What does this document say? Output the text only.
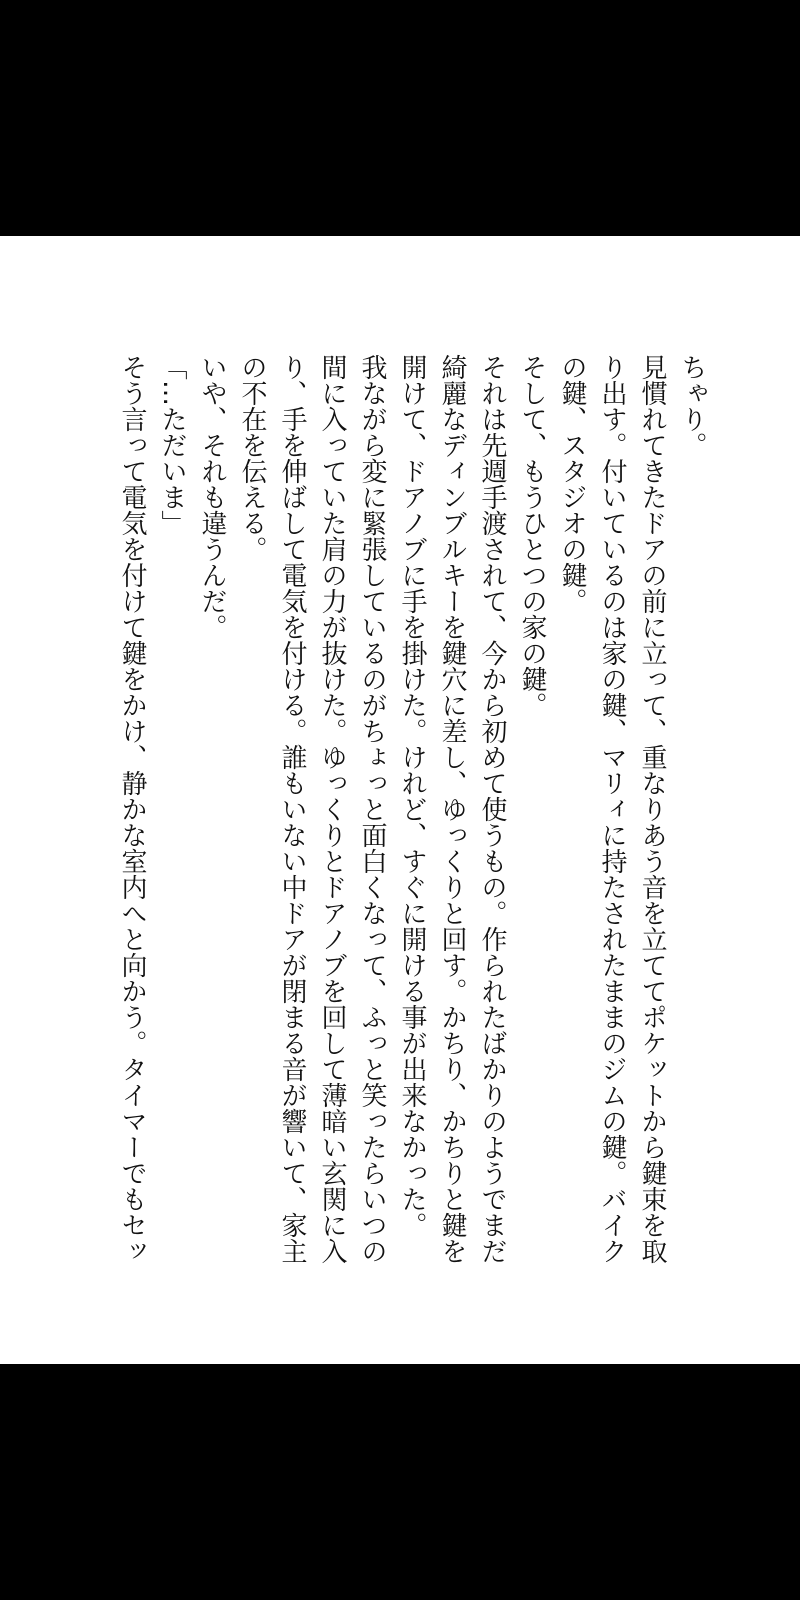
ちゃり。
見慣れてきたドアの前に立って、重なりあう音を立ててポケットから鍵束を取
り出す。付いているのは家の鍵、マリィに持たされたままのジムの鍵。バイク
の鍵、スタジオの鍵。
そして、もうひとつの家の鍵。
それは先週手渡されて、今から初めて使うもの。作られたばかりのようでまだ
綺麗なディンブルキーを鍵穴に差し、ゆっくりと回す。かちり、かちりと鍵を
開けて、ドアノブに手を掛けた。けれど、すぐに開ける事が出来なかった。
我ながら変に緊張しているのがちょっと面白くなって、ふっと笑ったらいつの
間に入っていた肩の力が抜けた。ゆっくりとドアノブを回して薄暗い玄関に入
り、手を伸ばして電気を付ける。誰もいない中ドアが閉まる音が響いて、家主
の不在を伝える。
いや、それも違うんだ。
「…ただいま」
そう言って電気を付けて鍵をかけ、静かな室内へと向かう。タイマーでもセッ
